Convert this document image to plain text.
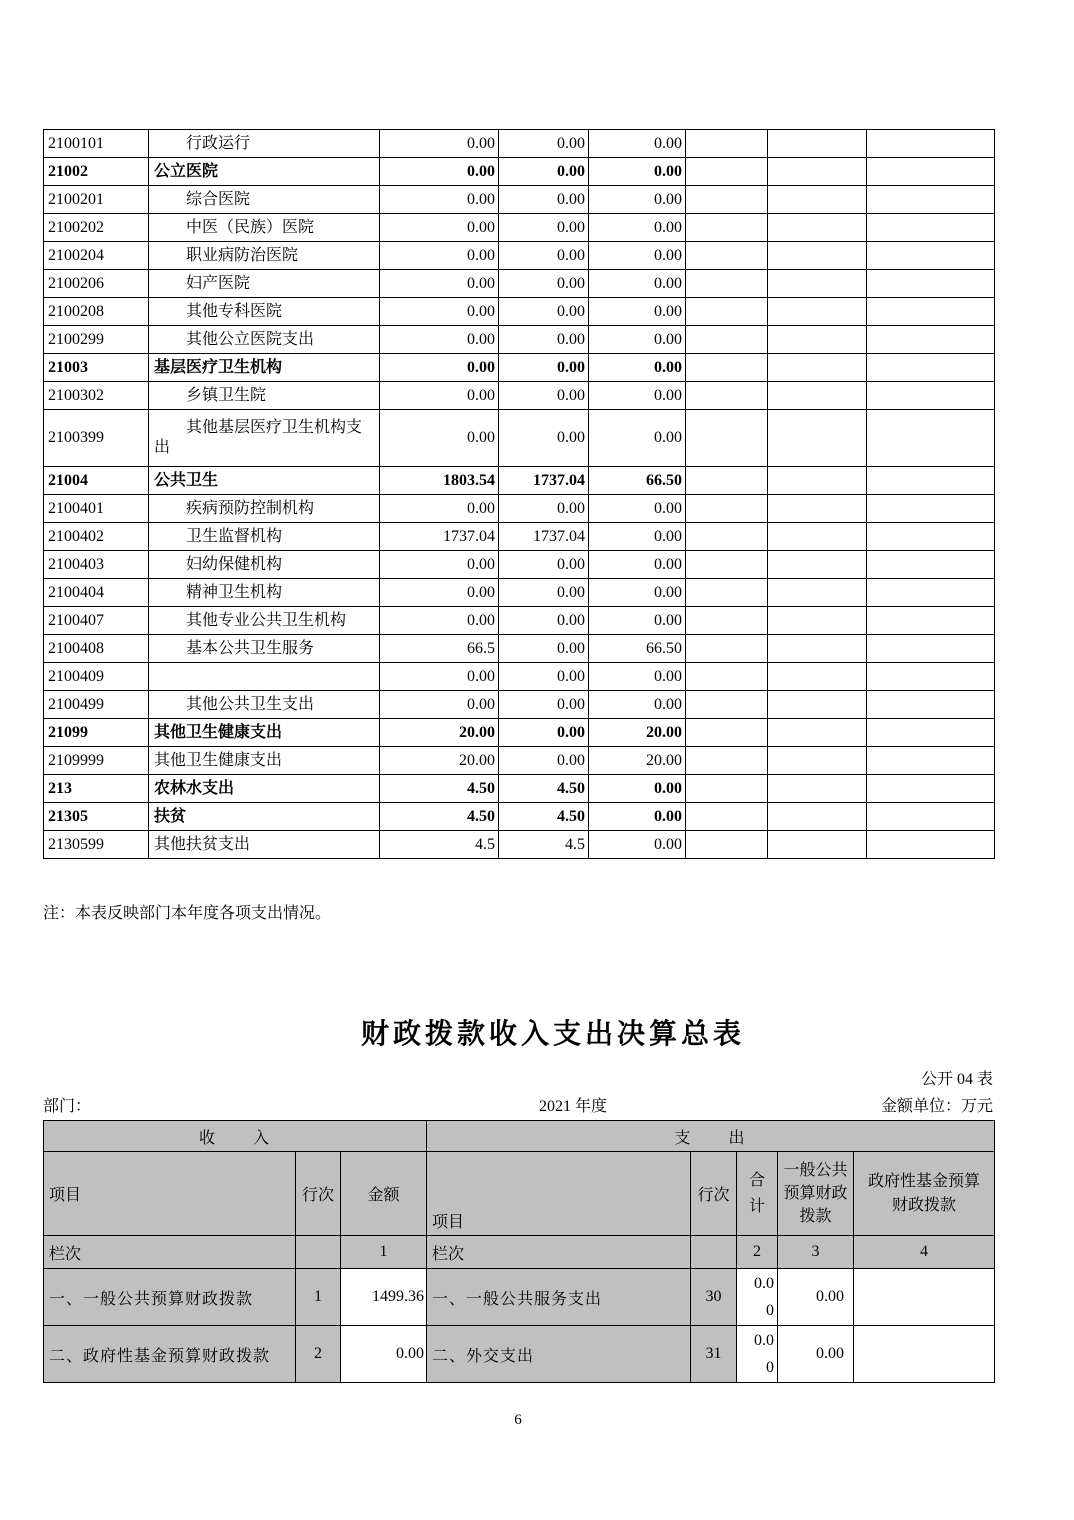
2100101	行政运行	0.00	0.00	0.00			
21002	公立医院	0.00	0.00	0.00			
2100201	综合医院	0.00	0.00	0.00			
2100202	中医（民族）医院	0.00	0.00	0.00			
2100204	职业病防治医院	0.00	0.00	0.00			
2100206	妇产医院	0.00	0.00	0.00			
2100208	其他专科医院	0.00	0.00	0.00			
2100299	其他公立医院支出	0.00	0.00	0.00			
21003	基层医疗卫生机构	0.00	0.00	0.00			
2100302	乡镇卫生院	0.00	0.00	0.00			
2100399	其他基层医疗卫生机构支出	0.00	0.00	0.00			
21004	公共卫生	1803.54	1737.04	66.50			
2100401	疾病预防控制机构	0.00	0.00	0.00			
2100402	卫生监督机构	1737.04	1737.04	0.00			
2100403	妇幼保健机构	0.00	0.00	0.00			
2100404	精神卫生机构	0.00	0.00	0.00			
2100407	其他专业公共卫生机构	0.00	0.00	0.00			
2100408	基本公共卫生服务	66.5	0.00	66.50			
2100409		0.00	0.00	0.00			
2100499	其他公共卫生支出	0.00	0.00	0.00			
21099	其他卫生健康支出	20.00	0.00	20.00			
2109999	其他卫生健康支出	20.00	0.00	20.00			
213	农林水支出	4.50	4.50	0.00			
21305	扶贫	4.50	4.50	0.00			
2130599	其他扶贫支出	4.5	4.5	0.00			
注：本表反映部门本年度各项支出情况。
财政拨款收入支出决算总表
公开 04 表
部门：	2021 年度	金额单位：万元
收　　入			支　　出				
项目	行次	金额	项目	行次	合计	一般公共预算财政拨款	政府性基金预算财政拨款
栏次		1	栏次		2	3	4
一、一般公共预算财政拨款	1	1499.36	一、一般公共服务支出	30	0.00	0.00	
二、政府性基金预算财政拨款	2	0.00	二、外交支出	31	0.00	0.00	
6
